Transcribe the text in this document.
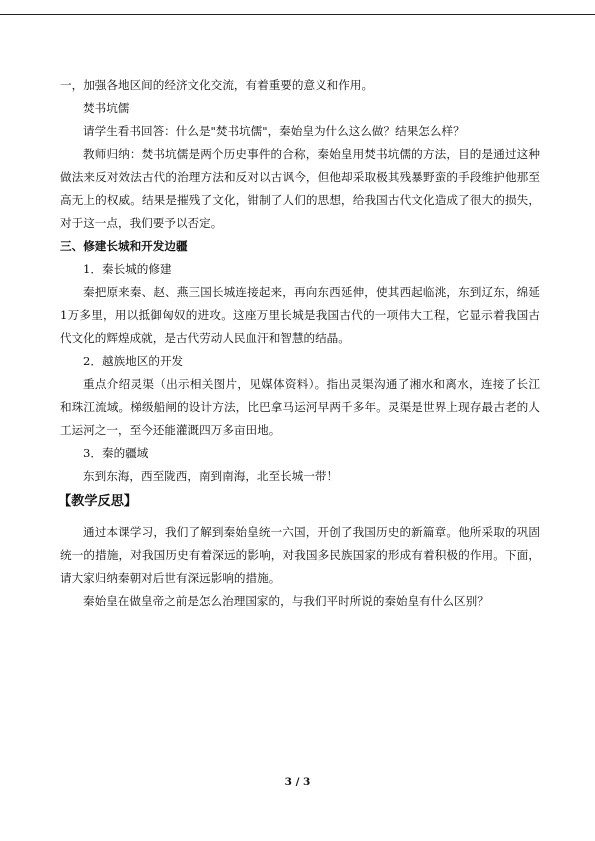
一，加强各地区间的经济文化交流，有着重要的意义和作用。

焚书坑儒

请学生看书回答：什么是"焚书坑儒"，秦始皇为什么这么做？结果怎么样？

教师归纳：焚书坑儒是两个历史事件的合称，秦始皇用焚书坑儒的方法，目的是通过这种做法来反对效法古代的治理方法和反对以古讽今，但他却采取极其残暴野蛮的手段维护他那至高无上的权威。结果是摧残了文化，钳制了人们的思想，给我国古代文化造成了很大的损失，对于这一点，我们要予以否定。

三、修建长城和开发边疆

1．秦长城的修建

秦把原来秦、赵、燕三国长城连接起来，再向东西延伸，使其西起临洮，东到辽东，绵延1万多里，用以抵御匈奴的进攻。这座万里长城是我国古代的一项伟大工程，它显示着我国古代文化的辉煌成就，是古代劳动人民血汗和智慧的结晶。

2．越族地区的开发

重点介绍灵渠（出示相关图片，见媒体资料）。指出灵渠沟通了湘水和离水，连接了长江和珠江流域。梯级船闸的设计方法，比巴拿马运河早两千多年。灵渠是世界上现存最古老的人工运河之一，至今还能灌溉四万多亩田地。

3．秦的疆域

东到东海，西至陇西，南到南海，北至长城一带！

【教学反思】

通过本课学习，我们了解到秦始皇统一六国，开创了我国历史的新篇章。他所采取的巩固统一的措施，对我国历史有着深远的影响，对我国多民族国家的形成有着积极的作用。下面，请大家归纳秦朝对后世有深远影响的措施。

秦始皇在做皇帝之前是怎么治理国家的，与我们平时所说的秦始皇有什么区别？

3 / 3
